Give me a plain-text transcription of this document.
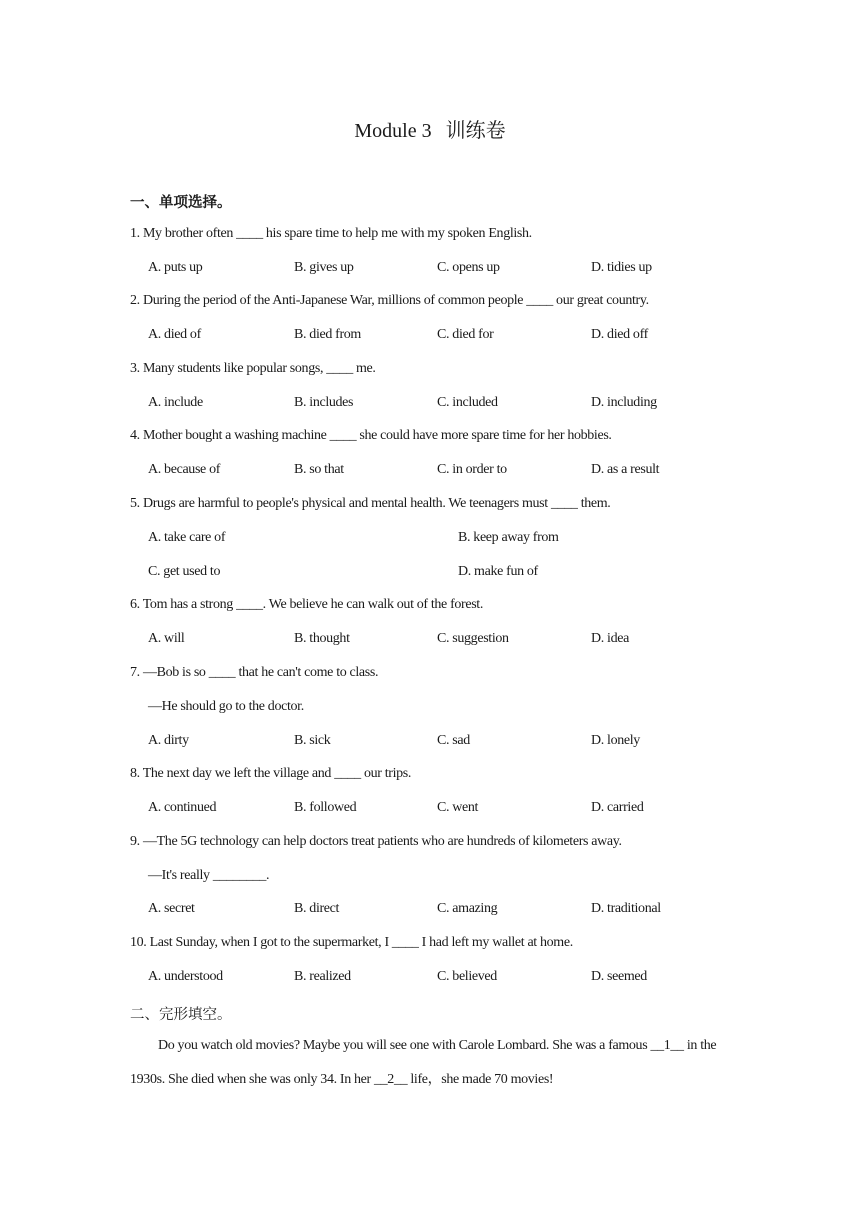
Module 3 训练卷
一、单项选择。
1. My brother often ____ his spare time to help me with my spoken English.
A. puts up	B. gives up	C. opens up	D. tidies up
2. During the period of the Anti-Japanese War, millions of common people ____ our great country.
A. died of	B. died from	C. died for	D. died off
3. Many students like popular songs, ____ me.
A. include	B. includes	C. included	D. including
4. Mother bought a washing machine ____ she could have more spare time for her hobbies.
A. because of	B. so that	C. in order to	D. as a result
5. Drugs are harmful to people's physical and mental health. We teenagers must ____ them.
A. take care of	B. keep away from
C. get used to	D. make fun of
6. Tom has a strong ____. We believe he can walk out of the forest.
A. will	B. thought	C. suggestion	D. idea
7. —Bob is so ____ that he can't come to class.
—He should go to the doctor.
A. dirty	B. sick	C. sad	D. lonely
8. The next day we left the village and ____ our trips.
A. continued	B. followed	C. went	D. carried
9. —The 5G technology can help doctors treat patients who are hundreds of kilometers away.
—It's really ________.
A. secret	B. direct	C. amazing	D. traditional
10. Last Sunday, when I got to the supermarket, I ____ I had left my wallet at home.
A. understood	B. realized	C. believed	D. seemed
二、完形填空。
Do you watch old movies? Maybe you will see one with Carole Lombard. She was a famous __1__ in the 1930s. She died when she was only 34. In her __2__ life，she made 70 movies!
